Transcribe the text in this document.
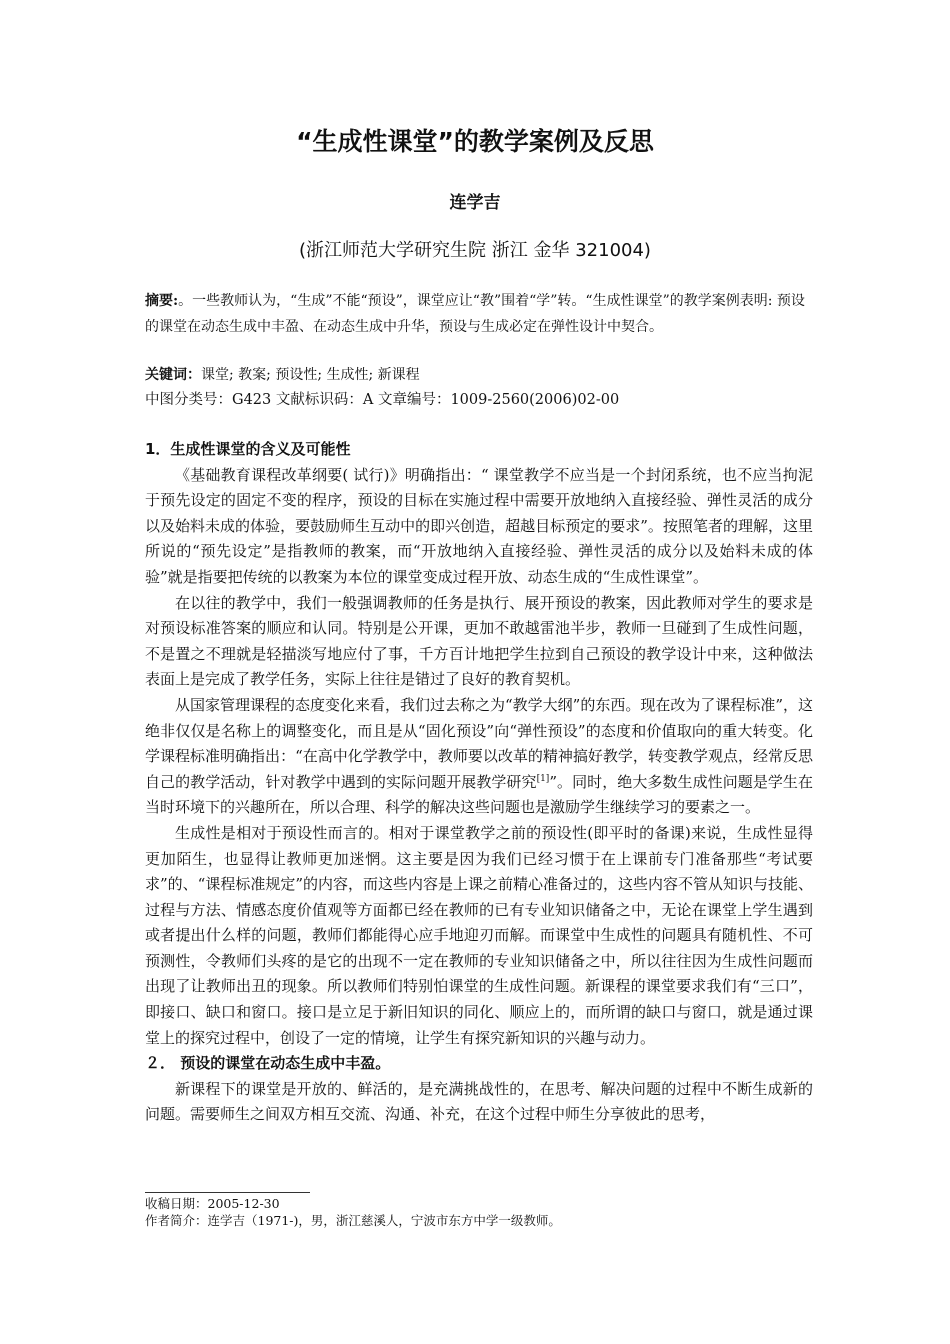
“生成性课堂”的教学案例及反思
连学吉
(浙江师范大学研究生院 浙江 金华 321004)
摘要:。一些教师认为，“生成”不能“预设”，课堂应让“教”围着“学”转。“生成性课堂”的教学案例表明: 预设的课堂在动态生成中丰盈、在动态生成中升华，预设与生成必定在弹性设计中契合。
关键词：课堂; 教案; 预设性; 生成性; 新课程
中图分类号：G423 文献标识码：A 文章编号：1009-2560(2006)02-00
1．生成性课堂的含义及可能性

《基础教育课程改革纲要( 试行)》明确指出：“ 课堂教学不应当是一个封闭系统，也不应当拘泥于预先设定的固定不变的程序，预设的目标在实施过程中需要开放地纳入直接经验、弹性灵活的成分以及始料未成的体验，要鼓励师生互动中的即兴创造，超越目标预定的要求”。按照笔者的理解，这里所说的“预先设定”是指教师的教案，而“开放地纳入直接经验、弹性灵活的成分以及始料未成的体验”就是指要把传统的以教案为本位的课堂变成过程开放、动态生成的“生成性课堂”。

在以往的教学中，我们一般强调教师的任务是执行、展开预设的教案，因此教师对学生的要求是对预设标准答案的顺应和认同。特别是公开课，更加不敢越雷池半步，教师一旦碰到了生成性问题，不是置之不理就是轻描淡写地应付了事，千方百计地把学生拉到自己预设的教学设计中来，这种做法表面上是完成了教学任务，实际上往往是错过了良好的教育契机。

从国家管理课程的态度变化来看，我们过去称之为“教学大纲”的东西。现在改为了课程标准”，这绝非仅仅是名称上的调整变化，而且是从“固化预设”向“弹性预设”的态度和价值取向的重大转变。化学课程标准明确指出：“在高中化学教学中，教师要以改革的精神搞好教学，转变教学观点，经常反思自己的教学活动，针对教学中遇到的实际问题开展教学研究[1]”。同时，绝大多数生成性问题是学生在当时环境下的兴趣所在，所以合理、科学的解决这些问题也是激励学生继续学习的要素之一。

生成性是相对于预设性而言的。相对于课堂教学之前的预设性(即平时的备课)来说，生成性显得更加陌生，也显得让教师更加迷惘。这主要是因为我们已经习惯于在上课前专门准备那些“考试要求”的、“课程标准规定”的内容，而这些内容是上课之前精心准备过的，这些内容不管从知识与技能、过程与方法、情感态度价值观等方面都已经在教师的已有专业知识储备之中，无论在课堂上学生遇到或者提出什么样的问题，教师们都能得心应手地迎刃而解。而课堂中生成性的问题具有随机性、不可预测性，令教师们头疼的是它的出现不一定在教师的专业知识储备之中，所以往往因为生成性问题而出现了让教师出丑的现象。所以教师们特别怕课堂的生成性问题。新课程的课堂要求我们有“三口”，即接口、缺口和窗口。接口是立足于新旧知识的同化、顺应上的，而所谓的缺口与窗口，就是通过课堂上的探究过程中，创设了一定的情境，让学生有探究新知识的兴趣与动力。

２． 预设的课堂在动态生成中丰盈。

新课程下的课堂是开放的、鲜活的，是充满挑战性的，在思考、解决问题的过程中不断生成新的问题。需要师生之间双方相互交流、沟通、补充，在这个过程中师生分享彼此的思考，

收稿日期：2005-12-30
作者简介：连学吉（1971-)，男，浙江慈溪人，宁波市东方中学一级教师。
